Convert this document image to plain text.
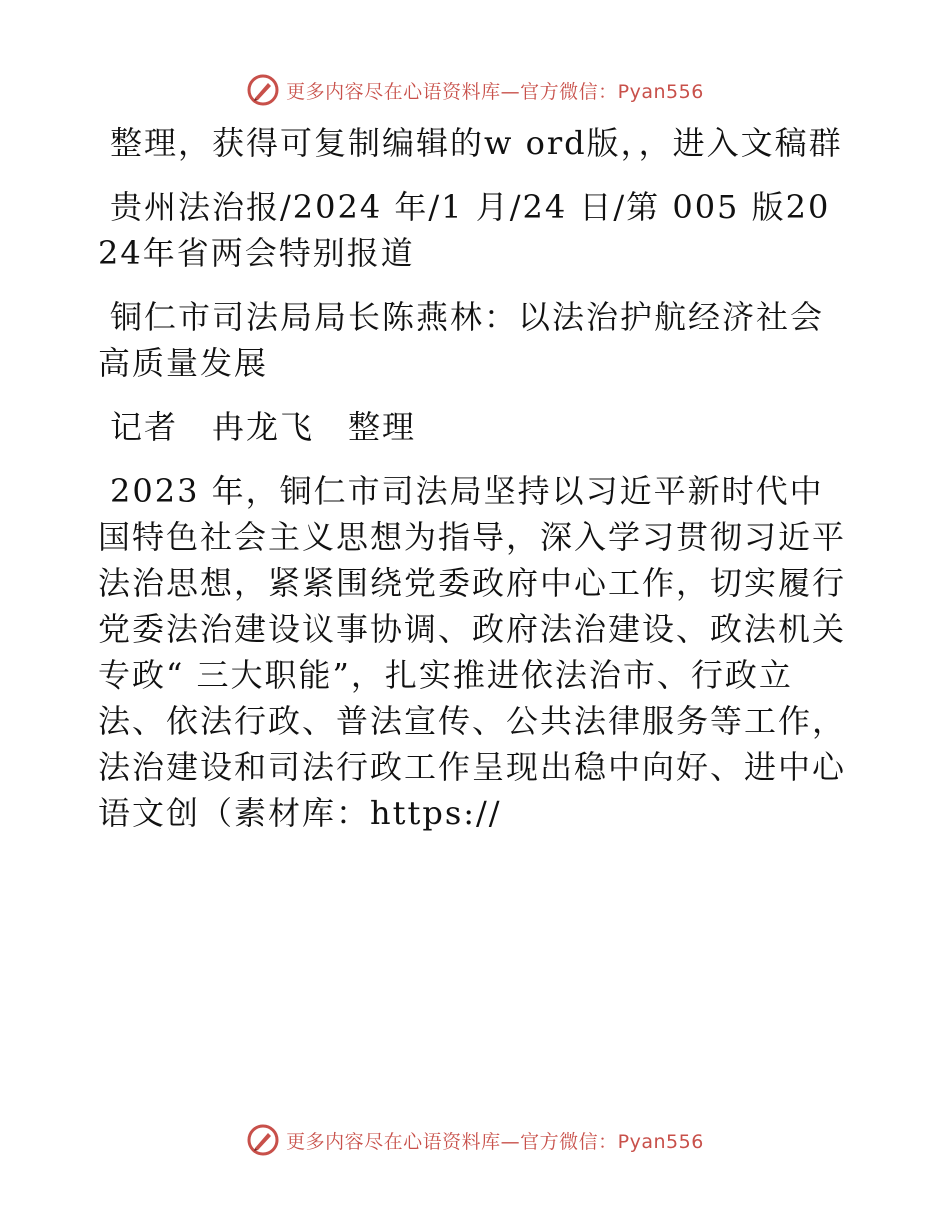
更多内容尽在心语资料库—官方微信：Pyan556

整理，获得可复制编辑的w ord版，，进入文稿群

贵州法治报/2024 年/1 月/24 日/第 005 版2024年省两会特别报道

铜仁市司法局局长陈燕林：以法治护航经济社会高质量发展

记者　冉龙飞　整理

2023 年，铜仁市司法局坚持以习近平新时代中国特色社会主义思想为指导，深入学习贯彻习近平法治思想，紧紧围绕党委政府中心工作，切实履行党委法治建设议事协调、政府法治建设、政法机关专政“ 三大职能”，扎实推进依法治市、行政立法、依法行政、普法宣传、公共法律服务等工作，法治建设和司法行政工作呈现出稳中向好、进中心语文创（素材库：https://

更多内容尽在心语资料库—官方微信：Pyan556
